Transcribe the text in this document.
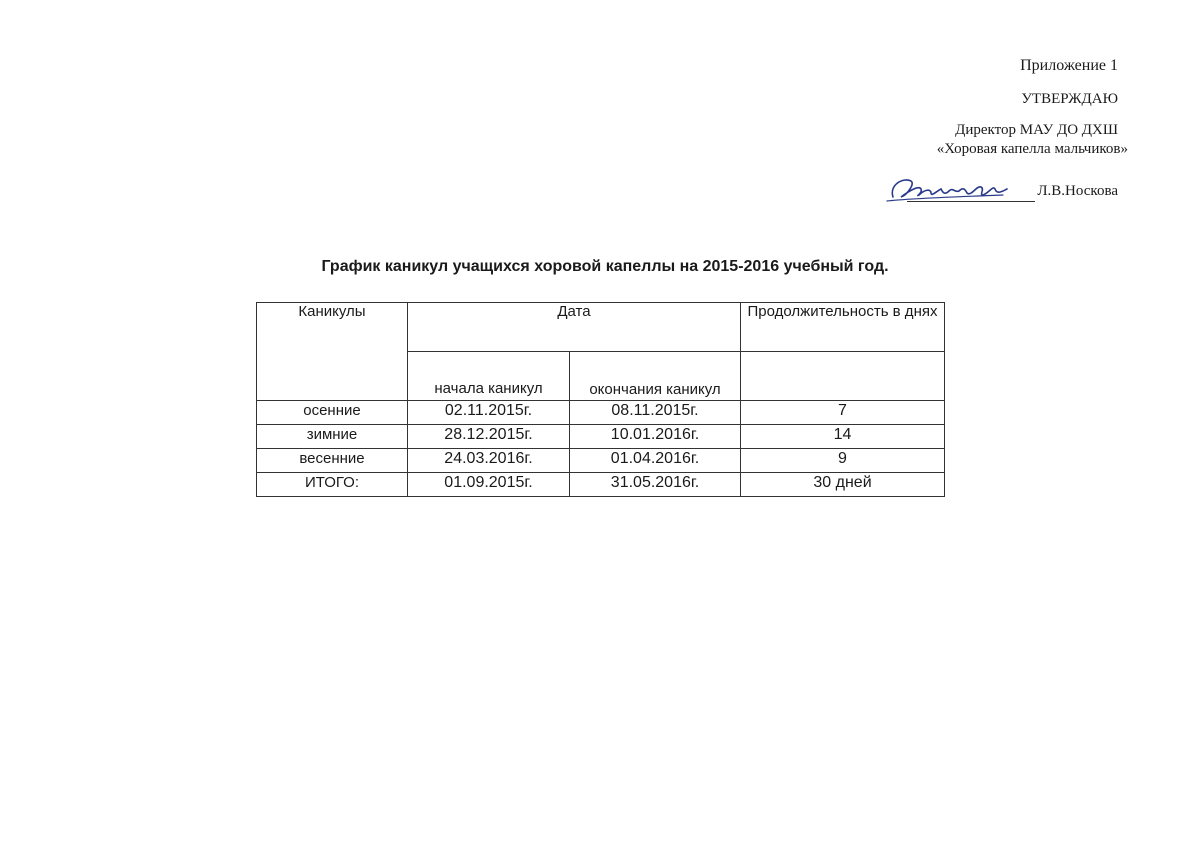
Приложение 1
УТВЕРЖДАЮ
Директор МАУ ДО ДХШ
«Хоровая капелла мальчиков»
Л.В.Носкова
График каникул учащихся хоровой капеллы на 2015-2016 учебный год.
Каникулы	Дата		Продолжительность в днях
	начала каникул	окончания каникул	
осенние	02.11.2015г.	08.11.2015г.	7
зимние	28.12.2015г.	10.01.2016г.	14
весенние	24.03.2016г.	01.04.2016г.	9
ИТОГО:	01.09.2015г.	31.05.2016г.	30 дней
